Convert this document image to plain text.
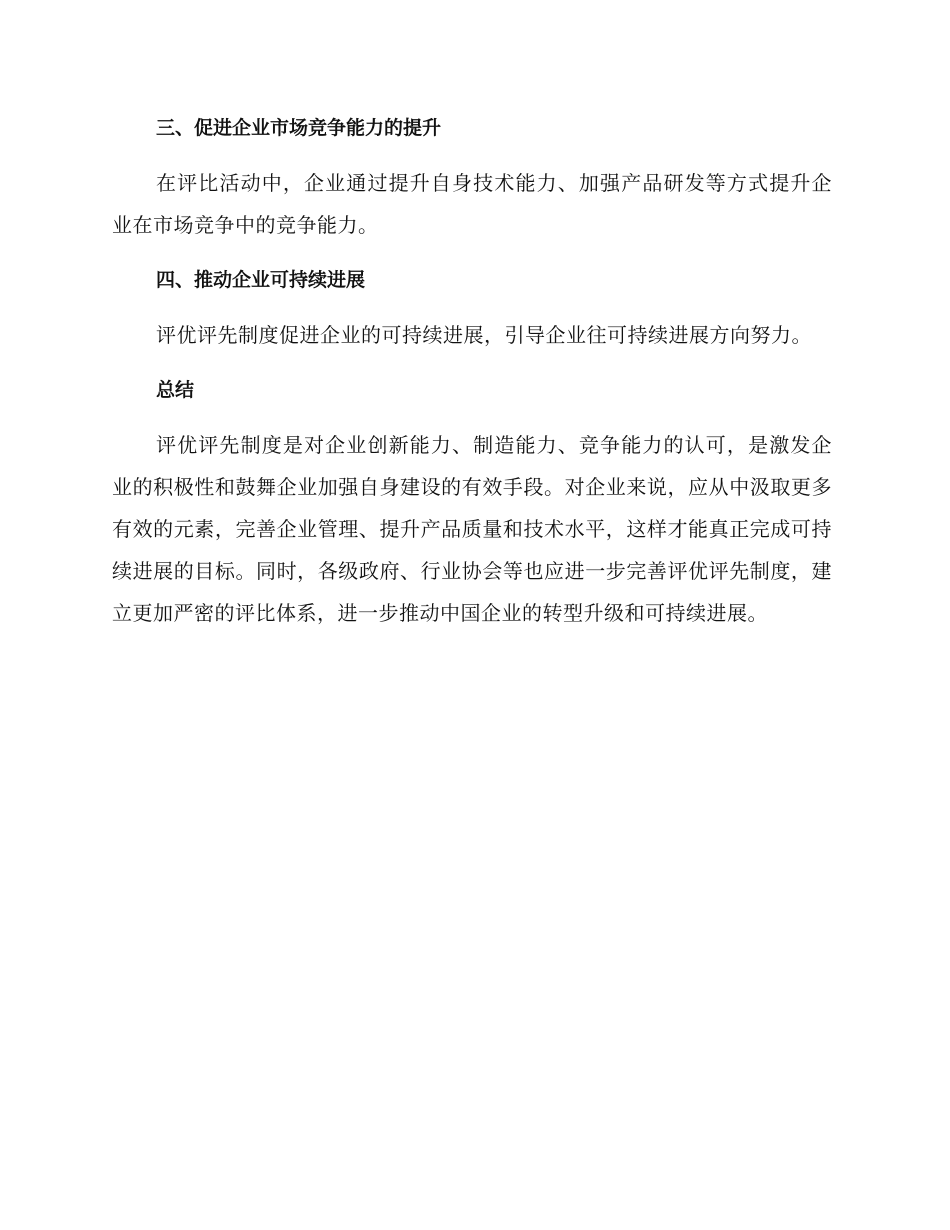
三、促进企业市场竞争能力的提升

在评比活动中，企业通过提升自身技术能力、加强产品研发等方式提升企业在市场竞争中的竞争能力。

四、推动企业可持续进展

评优评先制度促进企业的可持续进展，引导企业往可持续进展方向努力。

总结

评优评先制度是对企业创新能力、制造能力、竞争能力的认可，是激发企业的积极性和鼓舞企业加强自身建设的有效手段。对企业来说，应从中汲取更多有效的元素，完善企业管理、提升产品质量和技术水平，这样才能真正完成可持续进展的目标。同时，各级政府、行业协会等也应进一步完善评优评先制度，建立更加严密的评比体系，进一步推动中国企业的转型升级和可持续进展。
